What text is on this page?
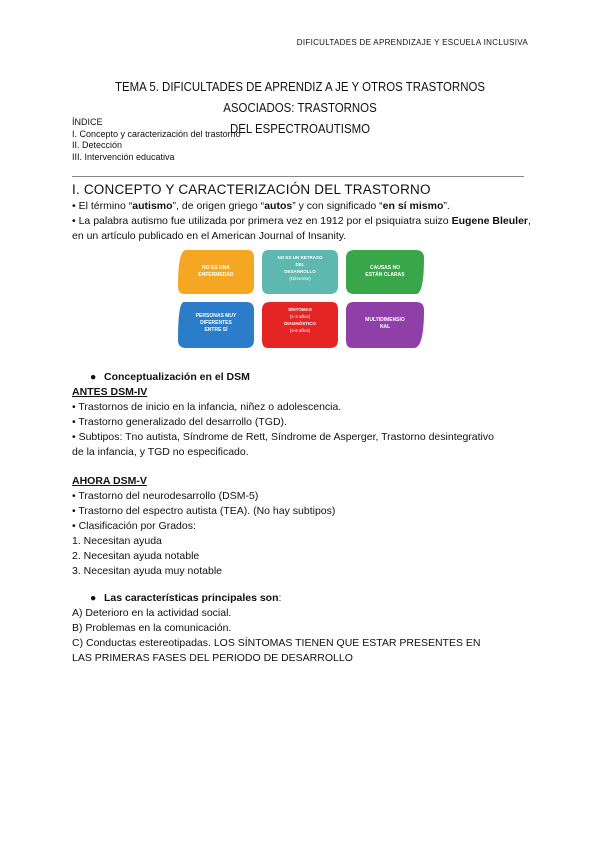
DIFICULTADES DE APRENDIZAJE Y ESCUELA INCLUSIVA
TEMA 5. DIFICULTADES DE APRENDIZ A JE Y OTROS TRASTORNOS ASOCIADOS: TRASTORNOS
DEL ESPECTROAUTISMO
ÍNDICE
I. Concepto y caracterización del trastorno
II. Detección
III. Intervención educativa
I. CONCEPTO Y CARACTERIZACIÓN DEL TRASTORNO
• El término “autismo”, de origen griego “autos” y con significado “en sí mismo”.
• La palabra autismo fue utilizada por primera vez en 1912 por el psiquiatra suizo Eugene Bleuler, en un artículo publicado en el American Journal of Insanity.
NO ES UNA
ENFERMEDAD
NO ES UN RETRASO
DEL
DESARROLLO
(Diferente)
CAUSAS NO
ESTÁN CLARAS
PERSONAS MUY
DIFERENTES
ENTRE SÍ
SÍNTOMAS
(1-3 años)
DIAGNÓSTICO
(4-6 años)
MULTIDIMENSIO
NAL
● Conceptualización en el DSM
ANTES DSM-IV
• Trastornos de inicio en la infancia, niñez o adolescencia.
• Trastorno generalizado del desarrollo (TGD).
• Subtipos: Tno autista, Síndrome de Rett, Síndrome de Asperger, Trastorno desintegrativo
de la infancia, y TGD no especificado.
AHORA DSM-V
• Trastorno del neurodesarrollo (DSM-5)
• Trastorno del espectro autista (TEA). (No hay subtipos)
• Clasificación por Grados:
1. Necesitan ayuda
2. Necesitan ayuda notable
3. Necesitan ayuda muy notable
● Las características principales son:
A) Deterioro en la actividad social.
B) Problemas en la comunicación.
C) Conductas estereotipadas. LOS SÍNTOMAS TIENEN QUE ESTAR PRESENTES EN
LAS PRIMERAS FASES DEL PERIODO DE DESARROLLO
